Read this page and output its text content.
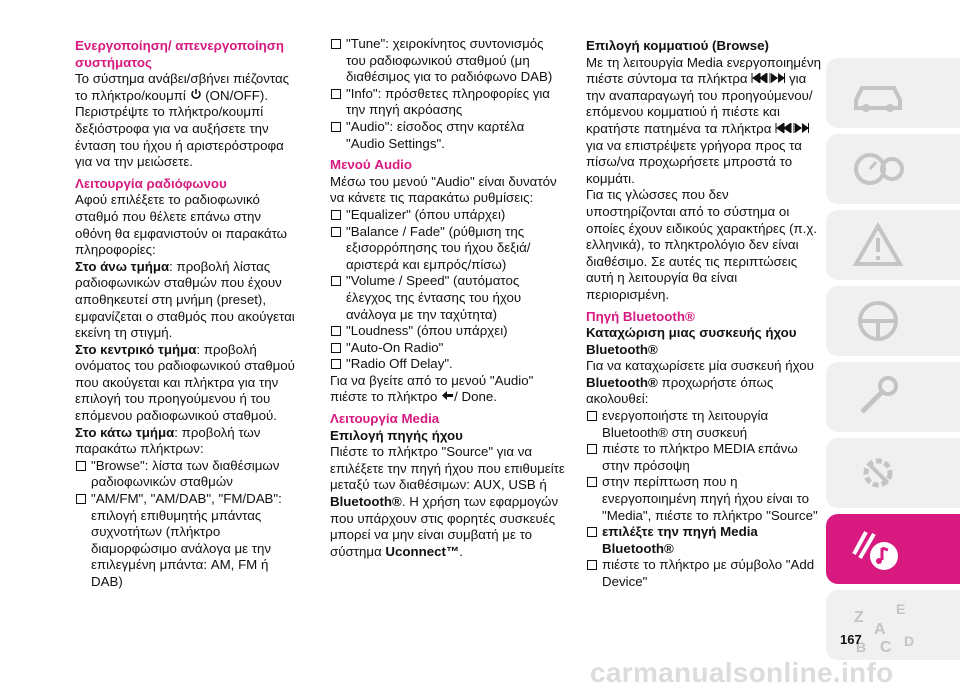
Ενεργοποίηση/ απενεργοποίηση συστήματος

Το σύστημα ανάβει/σβήνει πιέζοντας το πλήκτρο/κουμπί  (ON/OFF). Περιστρέψτε το πλήκτρο/κουμπί δεξιόστροφα για να αυξήσετε την ένταση του ήχου ή αριστερόστροφα για να την μειώσετε.

Λειτουργία ραδιόφωνου

Αφού επιλέξετε το ραδιοφωνικό σταθμό που θέλετε επάνω στην οθόνη θα εμφανιστούν οι παρακάτω πληροφορίες:

Στο άνω τμήμα: προβολή λίστας ραδιοφωνικών σταθμών που έχουν αποθηκευτεί στη μνήμη (preset), εμφανίζεται ο σταθμός που ακούγεται εκείνη τη στιγμή.

Στο κεντρικό τμήμα: προβολή ονόματος του ραδιοφωνικού σταθμού που ακούγεται και πλήκτρα για την επιλογή του προηγούμενου ή του επόμενου ραδιοφωνικού σταθμού.

Στο κάτω τμήμα: προβολή των παρακάτω πλήκτρων:

"Browse": λίστα των διαθέσιμων ραδιοφωνικών σταθμών
"AM/FM", "AM/DAB", "FM/DAB": επιλογή επιθυμητής μπάντας συχνοτήτων (πλήκτρο διαμορφώσιμο ανάλογα με την επιλεγμένη μπάντα: AM, FM ή DAB)
"Tune": χειροκίνητος συντονισμός του ραδιοφωνικού σταθμού (μη διαθέσιμος για το ραδιόφωνο DAB)
"Info": πρόσθετες πληροφορίες για την πηγή ακρόασης
"Audio": είσοδος στην καρτέλα "Audio Settings".

Μενού Audio

Μέσω του μενού "Audio" είναι δυνατόν να κάνετε τις παρακάτω ρυθμίσεις:

"Equalizer" (όπου υπάρχει)
"Balance / Fade" (ρύθμιση της εξισορρόπησης του ήχου δεξιά/αριστερά και εμπρός/πίσω)
"Volume / Speed" (αυτόματος έλεγχος της έντασης του ήχου ανάλογα με την ταχύτητα)
"Loudness" (όπου υπάρχει)
"Auto-On Radio"
"Radio Off Delay".

Για να βγείτε από το μενού "Audio" πιέστε το πλήκτρο / Done.

Λειτουργία Media

Επιλογή πηγής ήχου

Πιέστε το πλήκτρο "Source" για να επιλέξετε την πηγή ήχου που επιθυμείτε μεταξύ των διαθέσιμων: AUX, USB ή Bluetooth®. Η χρήση των εφαρμογών που υπάρχουν στις φορητές συσκευές μπορεί να μην είναι συμβατή με το σύστημα Uconnect™.

Επιλογή κομματιού (Browse)

Με τη λειτουργία Media ενεργοποιημένη πιέστε σύντομα τα πλήκτρα	για την αναπαραγωγή του προηγούμενου/επόμενου κομματιού ή πιέστε και κρατήστε πατημένα τα πλήκτρα  για να επιστρέψετε γρήγορα προς τα πίσω/να προχωρήσετε μπροστά το κομμάτι.

Για τις γλώσσες που δεν υποστηρίζονται από το σύστημα οι οποίες έχουν ειδικούς χαρακτήρες (π.χ. ελληνικά), το πληκτρολόγιο δεν είναι διαθέσιμο. Σε αυτές τις περιπτώσεις αυτή η λειτουργία θα είναι περιορισμένη.

Πηγή Bluetooth®

Καταχώριση μιας συσκευής ήχου Bluetooth®

Για να καταχωρίσετε μία συσκευή ήχου Bluetooth® προχωρήστε όπως ακολουθεί:

ενεργοποιήστε τη λειτουργία Bluetooth® στη συσκευή
πιέστε το πλήκτρο MEDIA επάνω στην πρόσοψη
στην περίπτωση που η ενεργοποιημένη πηγή ήχου είναι το "Media", πιέστε το πλήκτρο "Source"
επιλέξτε την πηγή Media Bluetooth®
πιέστε το πλήκτρο με σύμβολο "Add Device"
Z E
A
B C D
167
carmanualsonline.info
